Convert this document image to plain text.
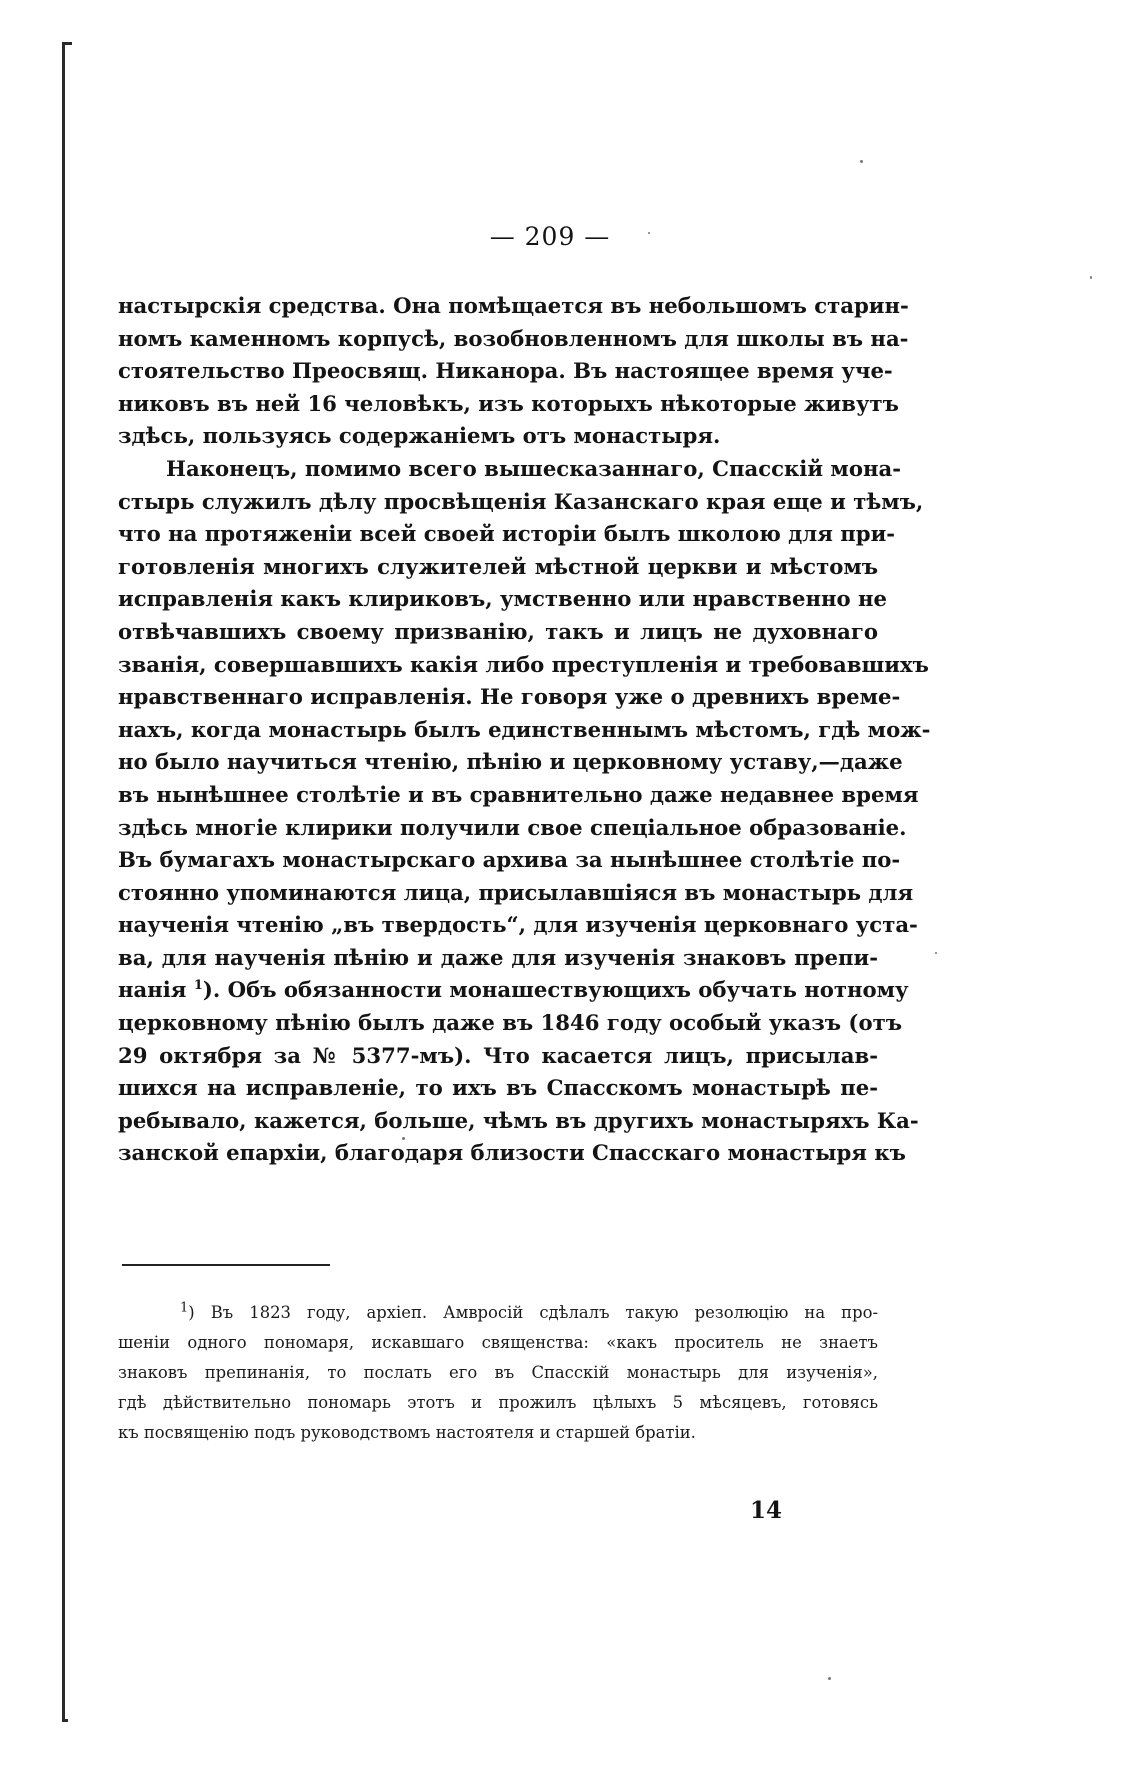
— 209 —
настырскія средства. Она помѣщается въ небольшомъ старин-
номъ каменномъ корпусѣ, возобновленномъ для школы въ на-
стоятельство Преосвящ. Никанора. Въ настоящее время уче-
никовъ въ ней 16 человѣкъ, изъ которыхъ нѣкоторые живутъ
здѣсь, пользуясь содержаніемъ отъ монастыря.
Наконецъ, помимо всего вышесказаннаго, Спасскій мона-
стырь служилъ дѣлу просвѣщенія Казанскаго края еще и тѣмъ,
что на протяженіи всей своей исторіи былъ школою для при-
готовленія многихъ служителей мѣстной церкви и мѣстомъ
исправленія какъ клириковъ, умственно или нравственно не
отвѣчавшихъ своему призванію, такъ и лицъ не духовнаго
званія, совершавшихъ какія либо преступленія и требовавшихъ
нравственнаго исправленія. Не говоря уже о древнихъ време-
нахъ, когда монастырь былъ единственнымъ мѣстомъ, гдѣ мож-
но было научиться чтенію, пѣнію и церковному уставу,—даже
въ нынѣшнее столѣтіе и въ сравнительно даже недавнее время
здѣсь многіе клирики получили свое спеціальное образованіе.
Въ бумагахъ монастырскаго архива за нынѣшнее столѣтіе по-
стоянно упоминаются лица, присылавшіяся въ монастырь для
наученія чтенію „въ твердость“, для изученія церковнаго уста-
ва, для наученія пѣнію и даже для изученія знаковъ препи-
нанія $^1$). Объ обязанности монашествующихъ обучать нотному
церковному пѣнію былъ даже въ 1846 году особый указъ (отъ
29 октября за № 5377-мъ). Что касается лицъ, присылав-
шихся на исправленіе, то ихъ въ Спасскомъ монастырѣ пе-
ребывало, кажется, больше, чѣмъ въ другихъ монастыряхъ Ка-
занской епархіи, благодаря близости Спасскаго монастыря къ
$^1$) Въ 1823 году, архіеп. Амвросій сдѣлалъ такую резолюцію на про-
шеніи одного пономаря, искавшаго священства: «какъ проситель не знаетъ
знаковъ препинанія, то послать его въ Спасскій монастырь для изученія»,
гдѣ дѣйствительно пономарь этотъ и прожилъ цѣлыхъ 5 мѣсяцевъ, готовясь
къ посвященію подъ руководствомъ настоятеля и старшей братіи.
14
